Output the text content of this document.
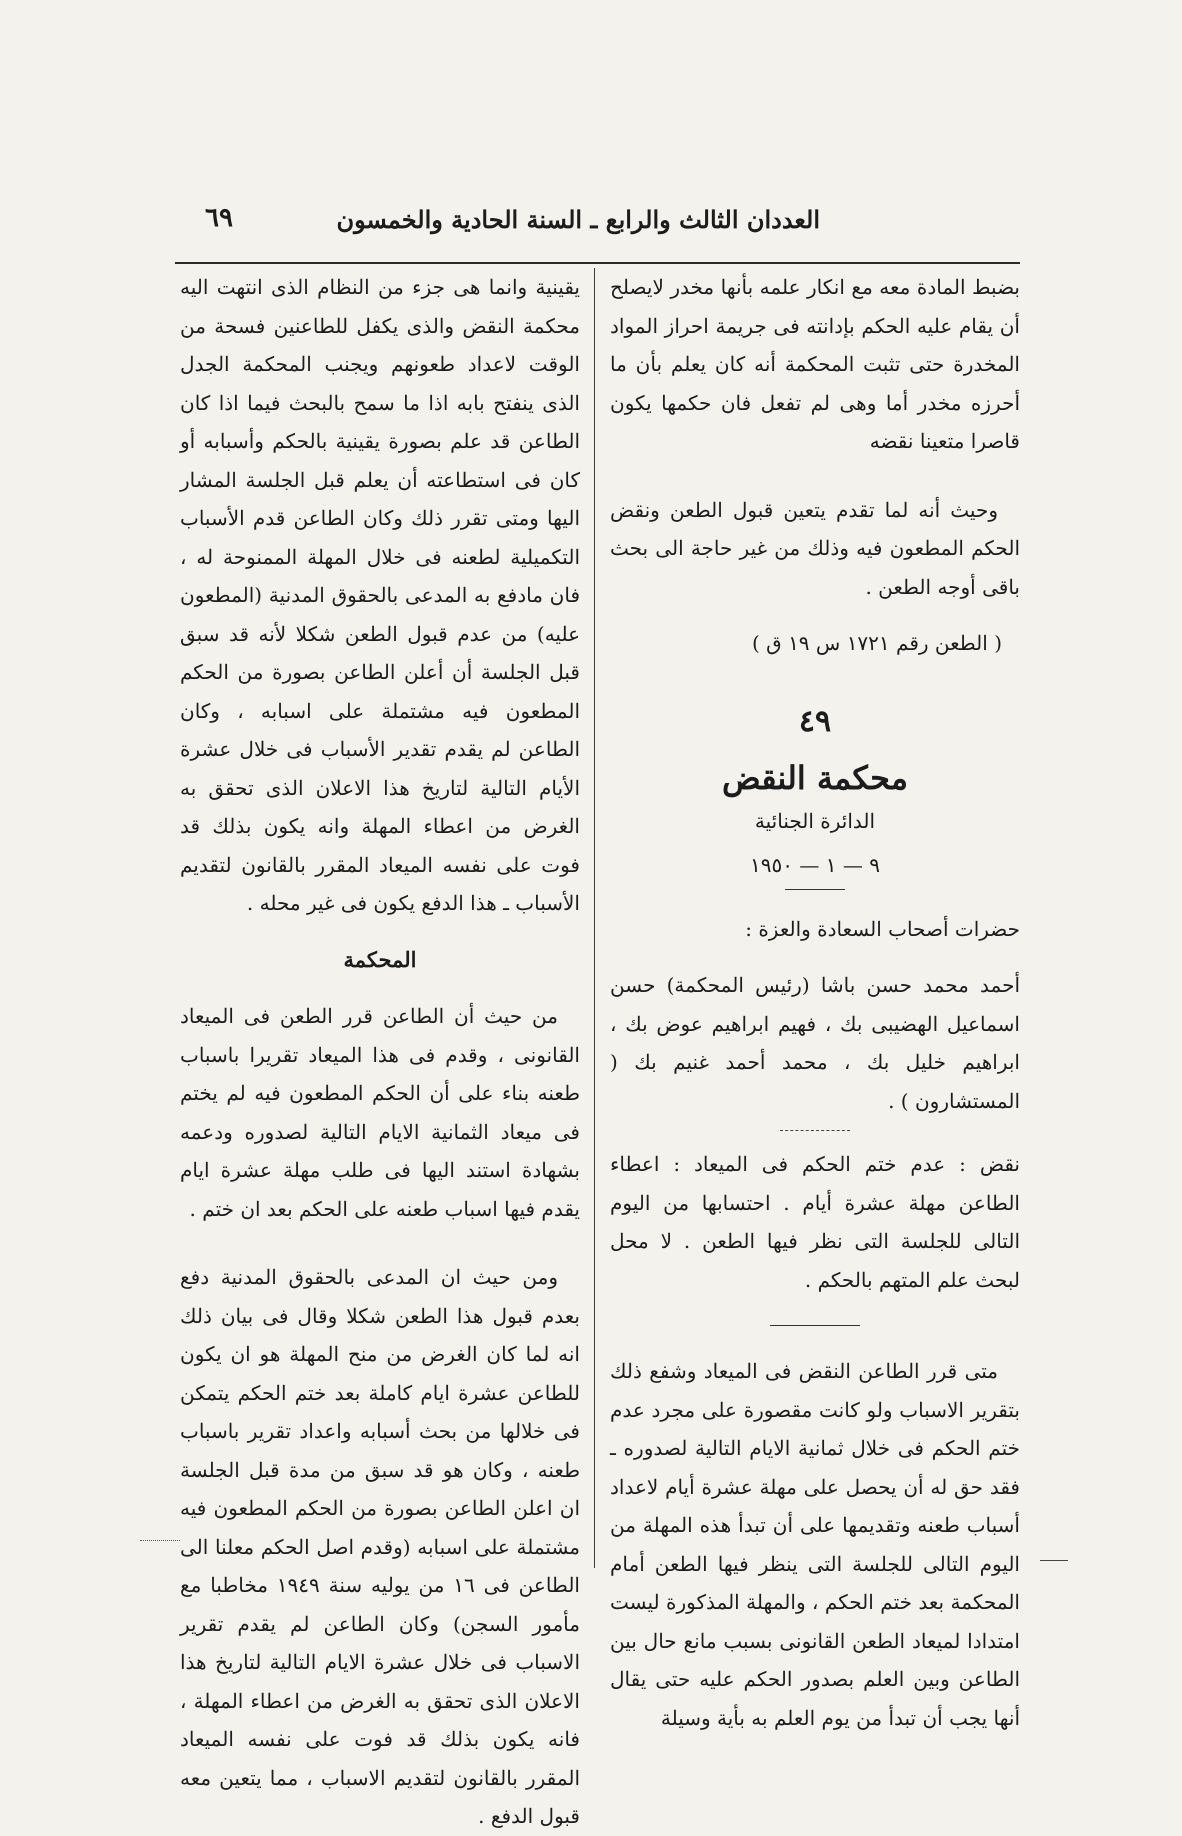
العددان الثالث والرابع ـ السنة الحادية والخمسون
٦٩

بضبط المادة معه مع انكار علمه بأنها مخدر لايصلح أن يقام عليه الحكم بإدانته فى جريمة احراز المواد المخدرة حتى تثبت المحكمة أنه كان يعلم بأن ما أحرزه مخدر أما وهى لم تفعل فان حكمها يكون قاصرا متعينا نقضه

وحيث أنه لما تقدم يتعين قبول الطعن ونقض الحكم المطعون فيه وذلك من غير حاجة الى بحث باقى أوجه الطعن .

( الطعن رقم ١٧٢١ س ١٩ ق )

٤٩
محكمة النقض
الدائرة الجنائية
٩ — ١ — ١٩٥٠

حضرات أصحاب السعادة والعزة :

أحمد محمد حسن باشا (رئيس المحكمة) حسن اسماعيل الهضيبى بك ، فهيم ابراهيم عوض بك ، ابراهيم خليل بك ، محمد أحمد غنيم بك ( المستشارون ) .

نقض : عدم ختم الحكم فى الميعاد : اعطاء الطاعن مهلة عشرة أيام . احتسابها من اليوم التالى للجلسة التى نظر فيها الطعن . لا محل لبحث علم المتهم بالحكم .

متى قرر الطاعن النقض فى الميعاد وشفع ذلك بتقرير الاسباب ولو كانت مقصورة على مجرد عدم ختم الحكم فى خلال ثمانية الايام التالية لصدوره ـ فقد حق له أن يحصل على مهلة عشرة أيام لاعداد أسباب طعنه وتقديمها على أن تبدأ هذه المهلة من اليوم التالى للجلسة التى ينظر فيها الطعن أمام المحكمة بعد ختم الحكم ، والمهلة المذكورة ليست امتدادا لميعاد الطعن القانونى بسبب مانع حال بين الطاعن وبين العلم بصدور الحكم عليه حتى يقال أنها يجب أن تبدأ من يوم العلم به بأية وسيلة

يقينية وانما هى جزء من النظام الذى انتهت اليه محكمة النقض والذى يكفل للطاعنين فسحة من الوقت لاعداد طعونهم ويجنب المحكمة الجدل الذى ينفتح بابه اذا ما سمح بالبحث فيما اذا كان الطاعن قد علم بصورة يقينية بالحكم وأسبابه أو كان فى استطاعته أن يعلم قبل الجلسة المشار اليها ومتى تقرر ذلك وكان الطاعن قدم الأسباب التكميلية لطعنه فى خلال المهلة الممنوحة له ، فان مادفع به المدعى بالحقوق المدنية (المطعون عليه) من عدم قبول الطعن شكلا لأنه قد سبق قبل الجلسة أن أعلن الطاعن بصورة من الحكم المطعون فيه مشتملة على اسبابه ، وكان الطاعن لم يقدم تقدير الأسباب فى خلال عشرة الأيام التالية لتاريخ هذا الاعلان الذى تحقق به الغرض من اعطاء المهلة وانه يكون بذلك قد فوت على نفسه الميعاد المقرر بالقانون لتقديم الأسباب ـ هذا الدفع يكون فى غير محله .

المحكمة

من حيث أن الطاعن قرر الطعن فى الميعاد القانونى ، وقدم فى هذا الميعاد تقريرا باسباب طعنه بناء على أن الحكم المطعون فيه لم يختم فى ميعاد الثمانية الايام التالية لصدوره ودعمه بشهادة استند اليها فى طلب مهلة عشرة ايام يقدم فيها اسباب طعنه على الحكم بعد ان ختم .

ومن حيث ان المدعى بالحقوق المدنية دفع بعدم قبول هذا الطعن شكلا وقال فى بيان ذلك انه لما كان الغرض من منح المهلة هو ان يكون للطاعن عشرة ايام كاملة بعد ختم الحكم يتمكن فى خلالها من بحث أسبابه واعداد تقرير باسباب طعنه ، وكان هو قد سبق من مدة قبل الجلسة ان اعلن الطاعن بصورة من الحكم المطعون فيه مشتملة على اسبابه (وقدم اصل الحكم معلنا الى الطاعن فى ١٦ من يوليه سنة ١٩٤٩ مخاطبا مع مأمور السجن) وكان الطاعن لم يقدم تقرير الاسباب فى خلال عشرة الايام التالية لتاريخ هذا الاعلان الذى تحقق به الغرض من اعطاء المهلة ، فانه يكون بذلك قد فوت على نفسه الميعاد المقرر بالقانون لتقديم الاسباب ، مما يتعين معه قبول الدفع .
